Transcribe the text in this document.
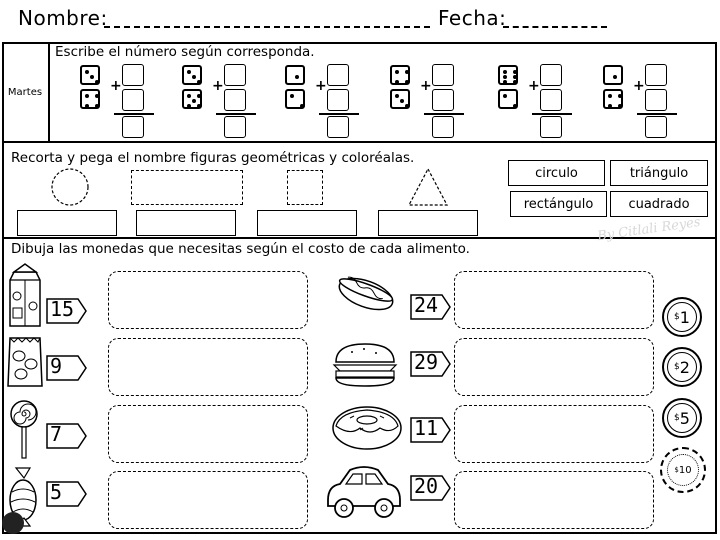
Nombre:	Fecha:
Martes
Escribe el número según corresponda.
+	+	+	+	+	+
Recorta y pega el nombre figuras geométricas y coloréalas.
circulo	triángulo
rectángulo	cuadrado
By Citlali Reyes
Dibuja las monedas que necesitas según el costo de cada alimento.
15
9
7
5
24
29
11
20
$ 1
$ 2
$ 5
$ 10
